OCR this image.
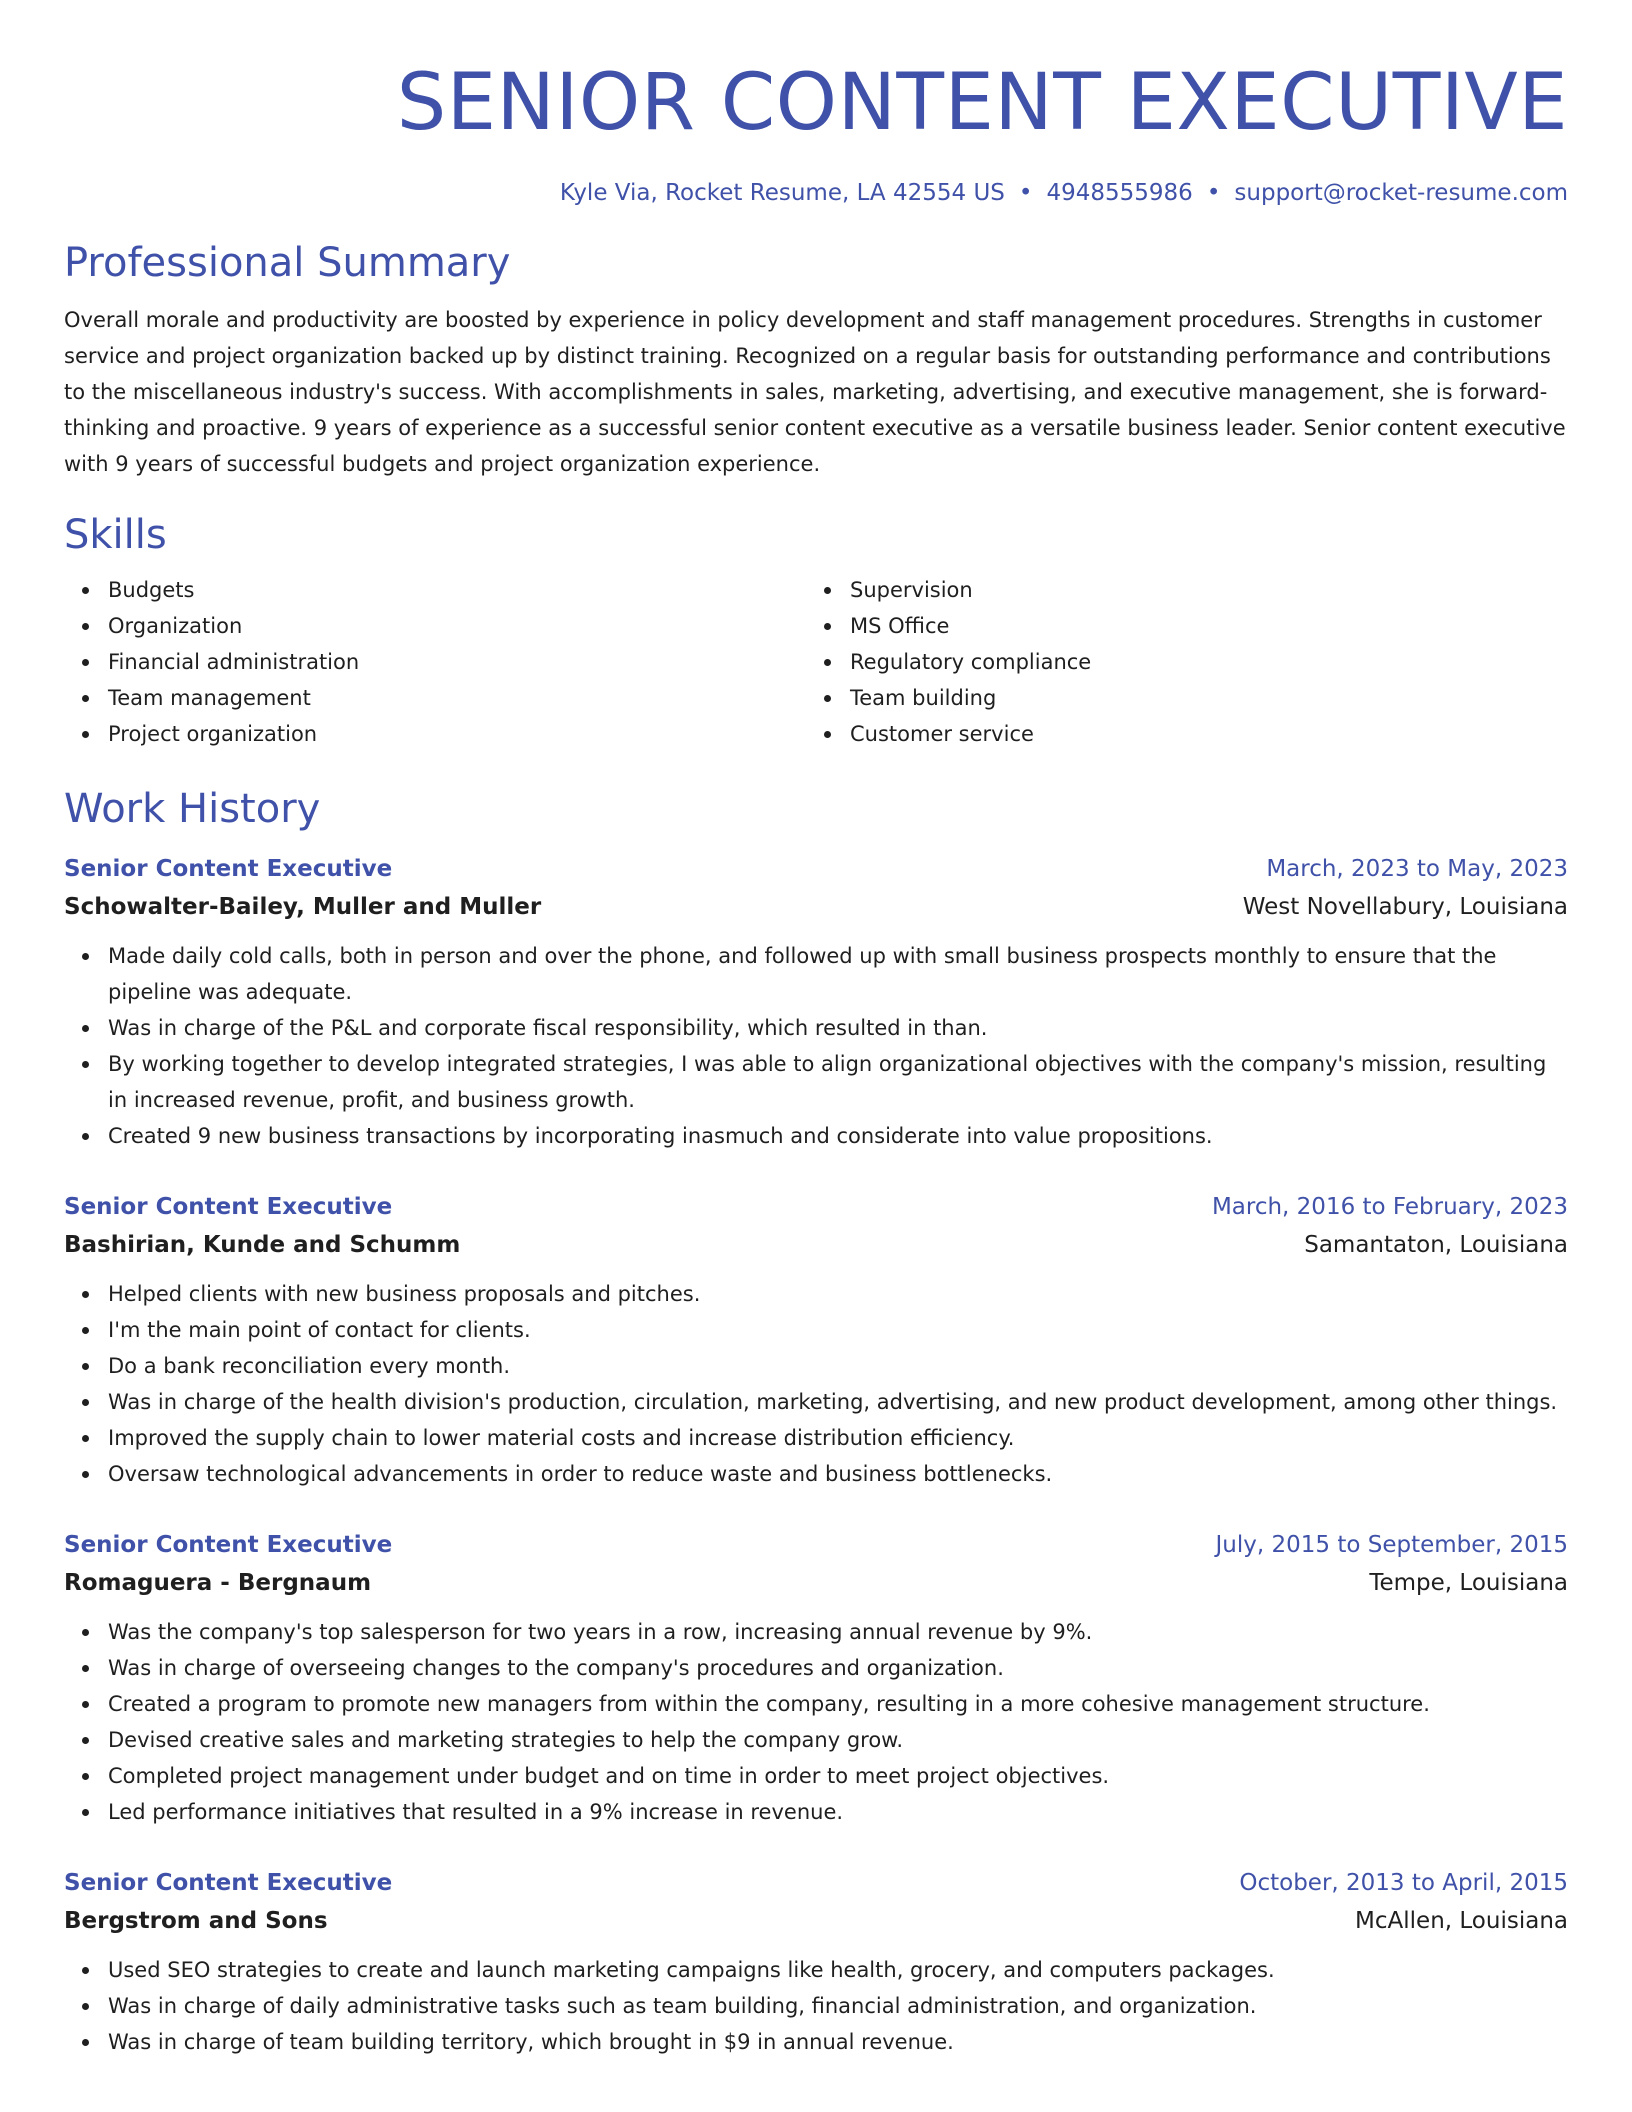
SENIOR CONTENT EXECUTIVE
Kyle Via, Rocket Resume, LA 42554 US • 4948555986 • support@rocket-resume.com
Professional Summary

Overall morale and productivity are boosted by experience in policy development and staff management procedures. Strengths in customer service and project organization backed up by distinct training. Recognized on a regular basis for outstanding performance and contributions to the miscellaneous industry's success. With accomplishments in sales, marketing, advertising, and executive management, she is forward-thinking and proactive. 9 years of experience as a successful senior content executive as a versatile business leader. Senior content executive with 9 years of successful budgets and project organization experience.

Skills
Budgets
Organization
Financial administration
Team management
Project organization
Supervision
MS Office
Regulatory compliance
Team building
Customer service
Work History
Senior Content Executive	March, 2023 to May, 2023
Schowalter-Bailey, Muller and Muller	West Novellabury, Louisiana
Made daily cold calls, both in person and over the phone, and followed up with small business prospects monthly to ensure that the pipeline was adequate.
Was in charge of the P&L and corporate fiscal responsibility, which resulted in than.
By working together to develop integrated strategies, I was able to align organizational objectives with the company's mission, resulting in increased revenue, profit, and business growth.
Created 9 new business transactions by incorporating inasmuch and considerate into value propositions.
Senior Content Executive	March, 2016 to February, 2023
Bashirian, Kunde and Schumm	Samantaton, Louisiana
Helped clients with new business proposals and pitches.
I'm the main point of contact for clients.
Do a bank reconciliation every month.
Was in charge of the health division's production, circulation, marketing, advertising, and new product development, among other things.
Improved the supply chain to lower material costs and increase distribution efficiency.
Oversaw technological advancements in order to reduce waste and business bottlenecks.
Senior Content Executive	July, 2015 to September, 2015
Romaguera - Bergnaum	Tempe, Louisiana
Was the company's top salesperson for two years in a row, increasing annual revenue by 9%.
Was in charge of overseeing changes to the company's procedures and organization.
Created a program to promote new managers from within the company, resulting in a more cohesive management structure.
Devised creative sales and marketing strategies to help the company grow.
Completed project management under budget and on time in order to meet project objectives.
Led performance initiatives that resulted in a 9% increase in revenue.
Senior Content Executive	October, 2013 to April, 2015
Bergstrom and Sons	McAllen, Louisiana
Used SEO strategies to create and launch marketing campaigns like health, grocery, and computers packages.
Was in charge of daily administrative tasks such as team building, financial administration, and organization.
Was in charge of team building territory, which brought in $9 in annual revenue.
